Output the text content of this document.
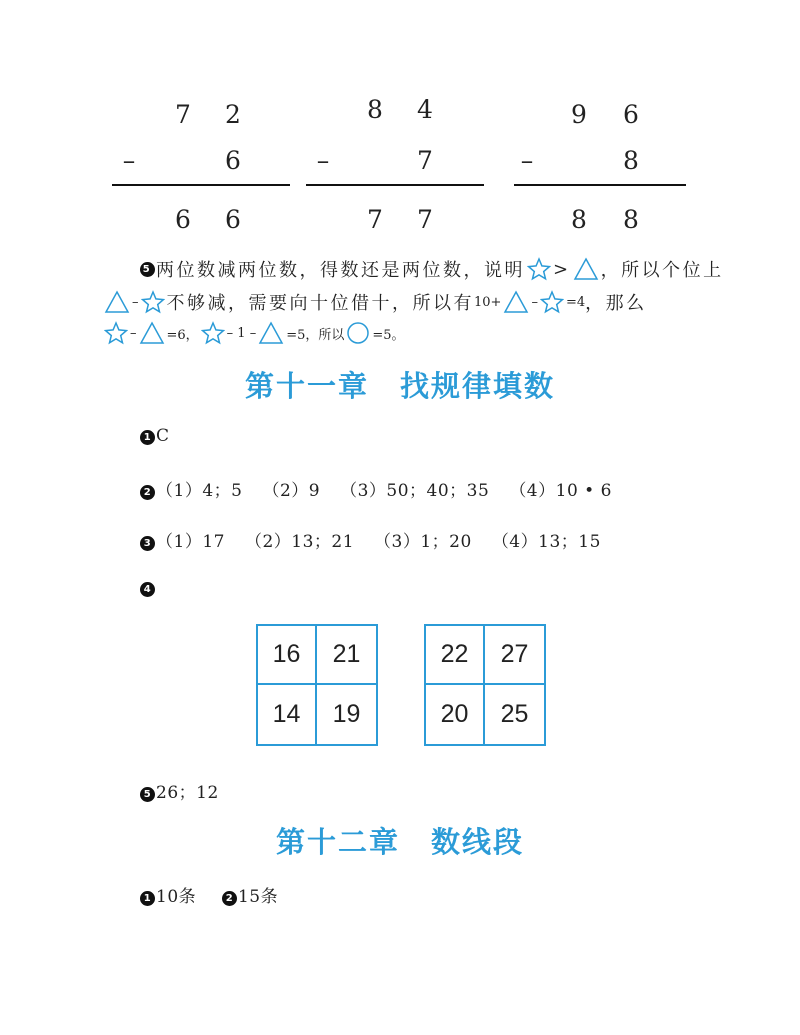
7 2
–	6
6 6
8 4
–	7
7 7
9 6
–	8
8 8
5 两位数减两位数，得数还是两位数，说明 > ，所以个位上
– 不够减，需要向十位借十，所以有 10+ – =4 ，那么
– =6， – 1 – =5，所以 =5。
第十一章　找规律填数
1 C
2 （1）4；5 （2）9 （3）50；40；35 （4）10 • 6
3 （1）17 （2）13；21 （3）1；20 （4）13；15
4
16	21
14	19
22	27
20	25
5 26；12
第十二章　数线段
1 10条	2 15条
